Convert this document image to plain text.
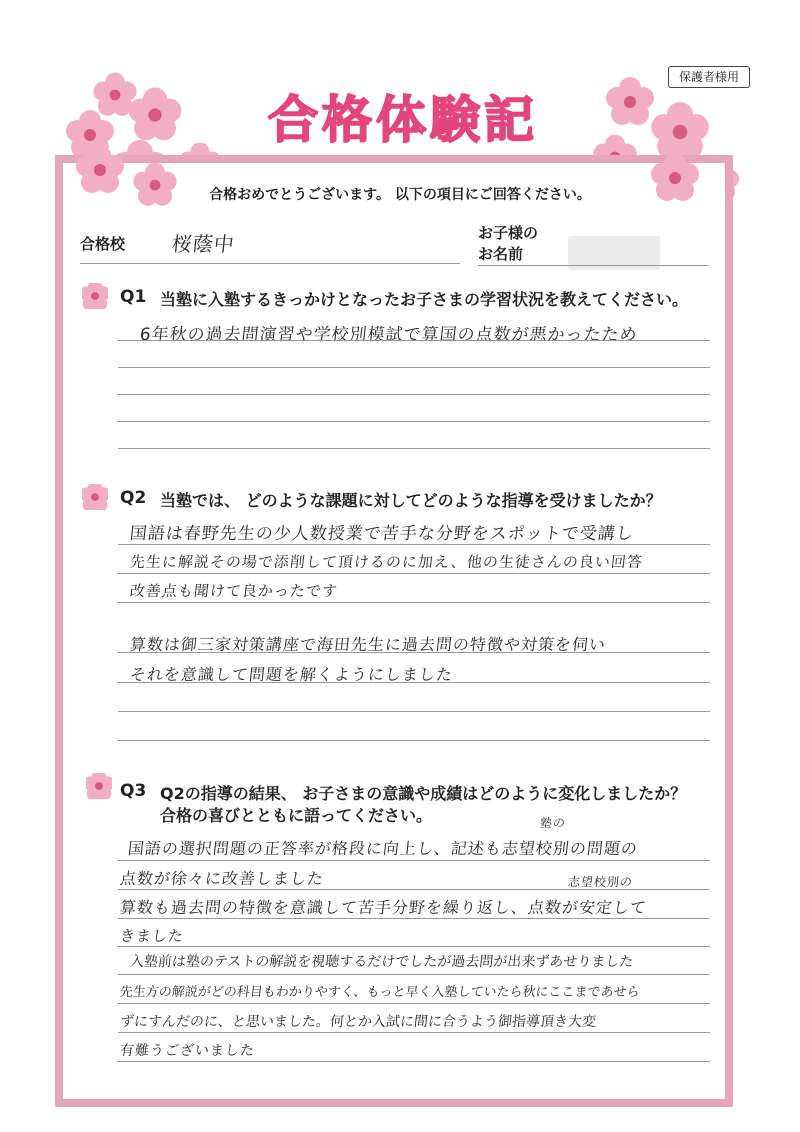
保護者様用
合格体験記
合格おめでとうございます。 以下の項目にご回答ください。
合格校 桜蔭中	お子様の
お名前
Q1 当塾に入塾するきっかけとなったお子さまの学習状況を教えてください。
6年秋の過去問演習や学校別模試で算国の点数が悪かったため
Q2 当塾では、 どのような課題に対してどのような指導を受けましたか？
国語は春野先生の少人数授業で苦手な分野をスポットで受講し
先生に解説その場で添削して頂けるのに加え、他の生徒さんの良い回答
改善点も聞けて良かったです
算数は御三家対策講座で海田先生に過去問の特徴や対策を伺い
それを意識して問題を解くようにしました
Q3 Q2の指導の結果、 お子さまの意識や成績はどのように変化しましたか？
合格の喜びとともに語ってください。	塾の
国語の選択問題の正答率が格段に向上し、記述も志望校別の問題の
点数が徐々に改善しました	志望校別の
算数も過去問の特徴を意識して苦手分野を繰り返し、点数が安定して
きました
入塾前は塾のテストの解説を視聴するだけでしたが過去問が出来ずあせりました
先生方の解説がどの科目もわかりやすく、もっと早く入塾していたら秋にここまであせら
ずにすんだのに、と思いました。何とか入試に間に合うよう御指導頂き大変
有難うございました
